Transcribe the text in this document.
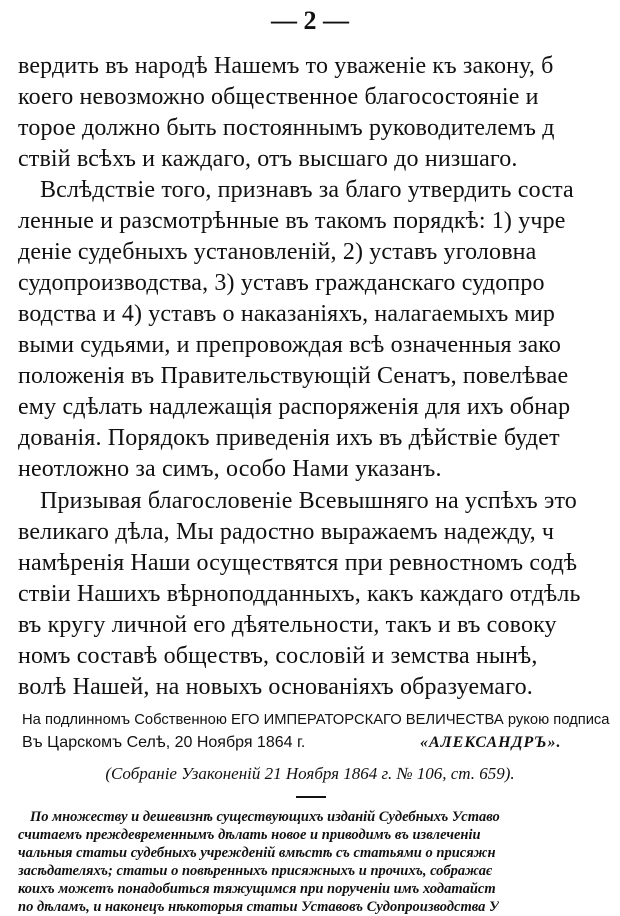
— 2 —
вердить въ народѣ Нашемъ то уваженіе къ закону, б
коего невозможно общественное благосостояніе и
торое должно быть постояннымъ руководителемъ д
ствій всѣхъ и каждаго, отъ высшаго до низшаго.
Вслѣдствіе того, признавъ за благо утвердить соста
ленные и разсмотрѣнные въ такомъ порядкѣ: 1) учре
деніе судебныхъ установленій, 2) уставъ уголовна
судопроизводства, 3) уставъ гражданскаго судопро
водства и 4) уставъ о наказаніяхъ, налагаемыхъ мир
выми судьями, и препровождая всѣ означенныя зако
положенія въ Правительствующій Сенатъ, повелѣвае
ему сдѣлать надлежащія распоряженія для ихъ обнар
дованія. Порядокъ приведенія ихъ въ дѣйствіе будет
неотложно за симъ, особо Нами указанъ.
Призывая благословеніе Всевышняго на успѣхъ это
великаго дѣла, Мы радостно выражаемъ надежду, ч
намѣренія Наши осуществятся при ревностномъ содѣ
ствіи Нашихъ вѣрноподданныхъ, какъ каждаго отдѣль
въ кругу личной его дѣятельности, такъ и въ совоку
номъ составѣ обществъ, сословій и земства нынѣ,
волѣ Нашей, на новыхъ основаніяхъ образуемаго.
На подлинномъ Собственною ЕГО ИМПЕРАТОРСКАГО ВЕЛИЧЕСТВА рукою подписа
Въ Царскомъ Селѣ, 20 Ноября 1864 г.	«АЛЕКСАНДРЪ».
(Собраніе Узаконеній 21 Ноября 1864 г. № 106, ст. 659).
По множеству и дешевизнѣ существующихъ изданій Судебныхъ Уставо
считаемъ преждевременнымъ дѣлать новое и приводимъ въ извлеченіи
чальныя статьи судебныхъ учрежденій вмѣстѣ съ статьями о присяжн
засѣдателяхъ; статьи о повѣренныхъ присяжныхъ и прочихъ, сображає
коихъ можетъ понадобиться тяжущимся при порученіи имъ ходатайст
по дѣламъ, и наконецъ нѣкоторыя статьи Уставовъ Судопроизводства У
